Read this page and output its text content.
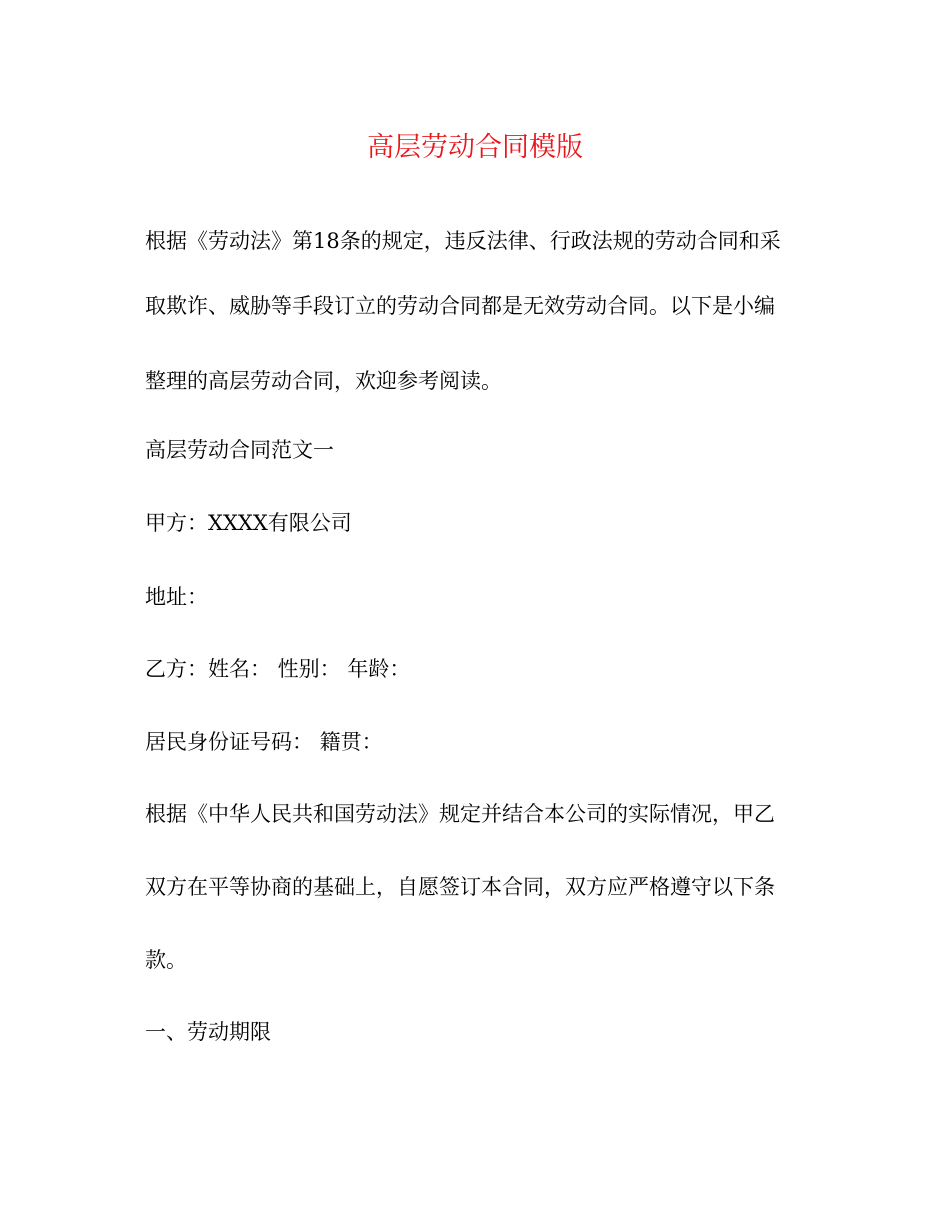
高层劳动合同模版

根据《劳动法》第18条的规定，违反法律、行政法规的劳动合同和采

取欺诈、威胁等手段订立的劳动合同都是无效劳动合同。以下是小编

整理的高层劳动合同，欢迎参考阅读。

高层劳动合同范文一

甲方：XXXX有限公司

地址：

乙方：姓名： 性别： 年龄：

居民身份证号码： 籍贯：

根据《中华人民共和国劳动法》规定并结合本公司的实际情况，甲乙

双方在平等协商的基础上，自愿签订本合同，双方应严格遵守以下条

款。

一、劳动期限
